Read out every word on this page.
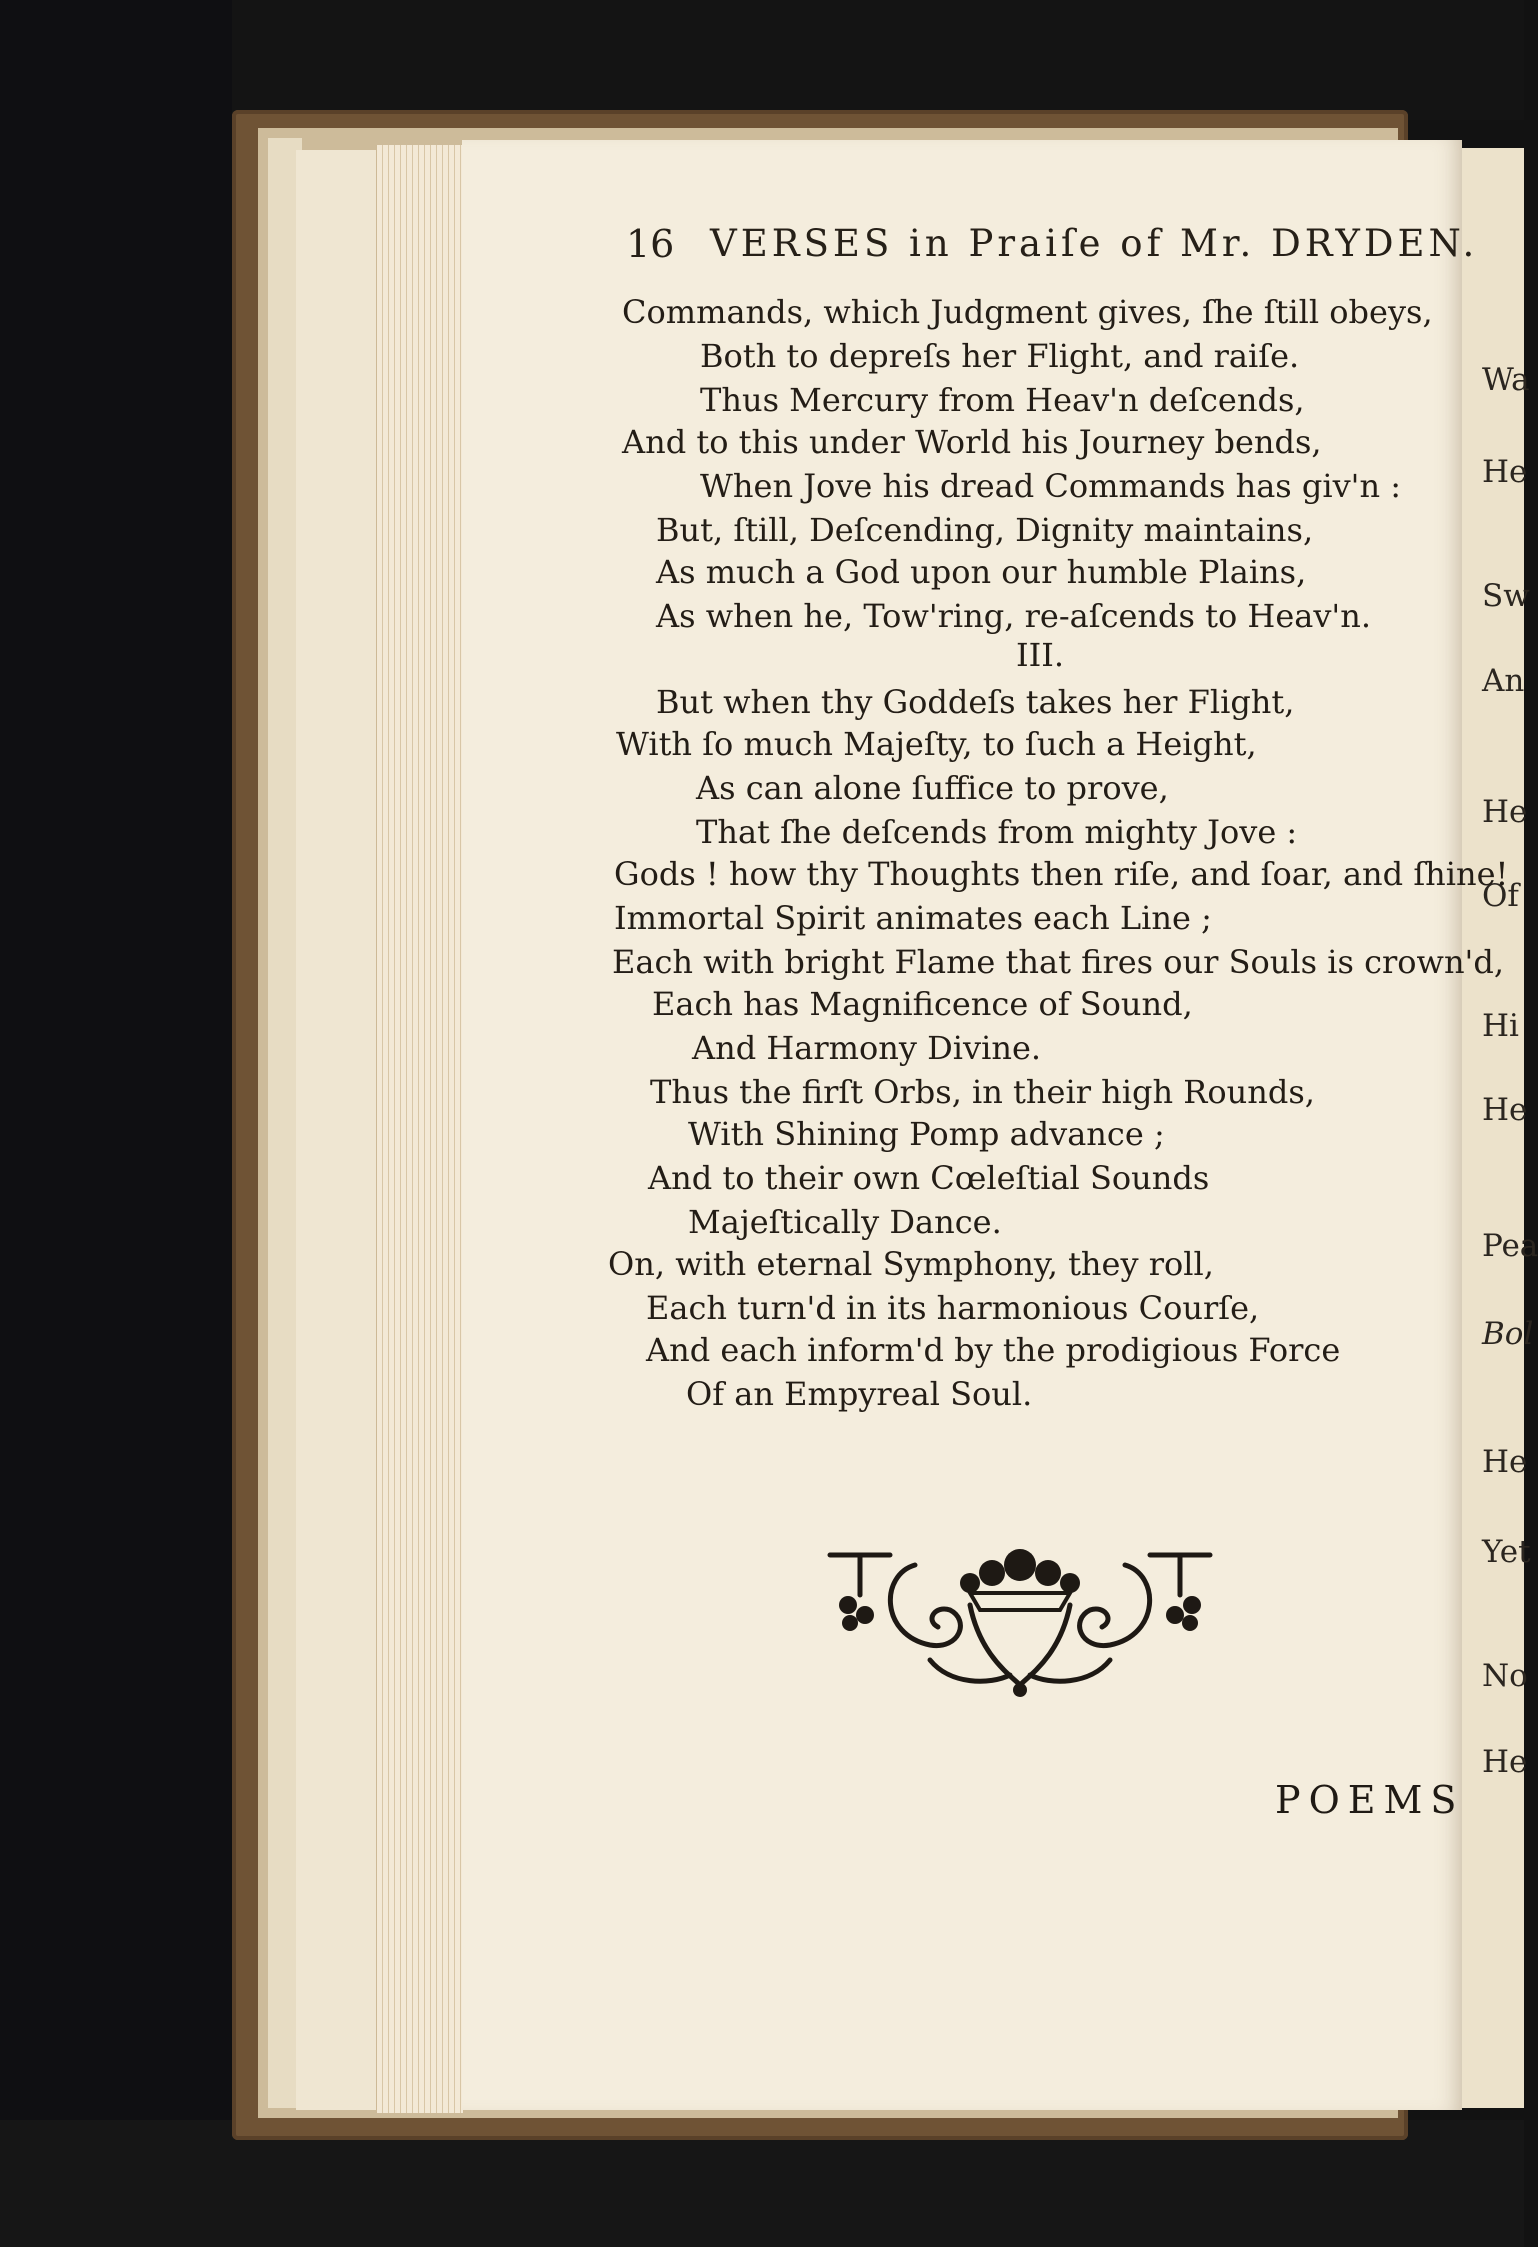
Wa
He
Sw
An
He
Of
Hi
He
Pea
Bol
He
Yet
No
He
16 VERSES in Praiſe of Mr. DRYDEN.
Commands, which Judgment gives, ſhe ſtill obeys,
Both to depreſs her Flight, and raiſe.
Thus Mercury from Heav'n deſcends,
And to this under World his Journey bends,
When Jove his dread Commands has giv'n :
But, ſtill, Deſcending, Dignity maintains,
As much a God upon our humble Plains,
As when he, Tow'ring, re-aſcends to Heav'n.
III.
But when thy Goddeſs takes her Flight,
With ſo much Majeſty, to ſuch a Height,
As can alone ſuffice to prove,
That ſhe deſcends from mighty Jove :
Gods ! how thy Thoughts then riſe, and ſoar, and ſhine!
Immortal Spirit animates each Line ;
Each with bright Flame that fires our Souls is crown'd,
Each has Magnificence of Sound,
And Harmony Divine.
Thus the firſt Orbs, in their high Rounds,
With Shining Pomp advance ;
And to their own Cœleſtial Sounds
Majeſtically Dance.
On, with eternal Symphony, they roll,
Each turn'd in its harmonious Courſe,
And each inform'd by the prodigious Force
Of an Empyreal Soul.
POEMS
